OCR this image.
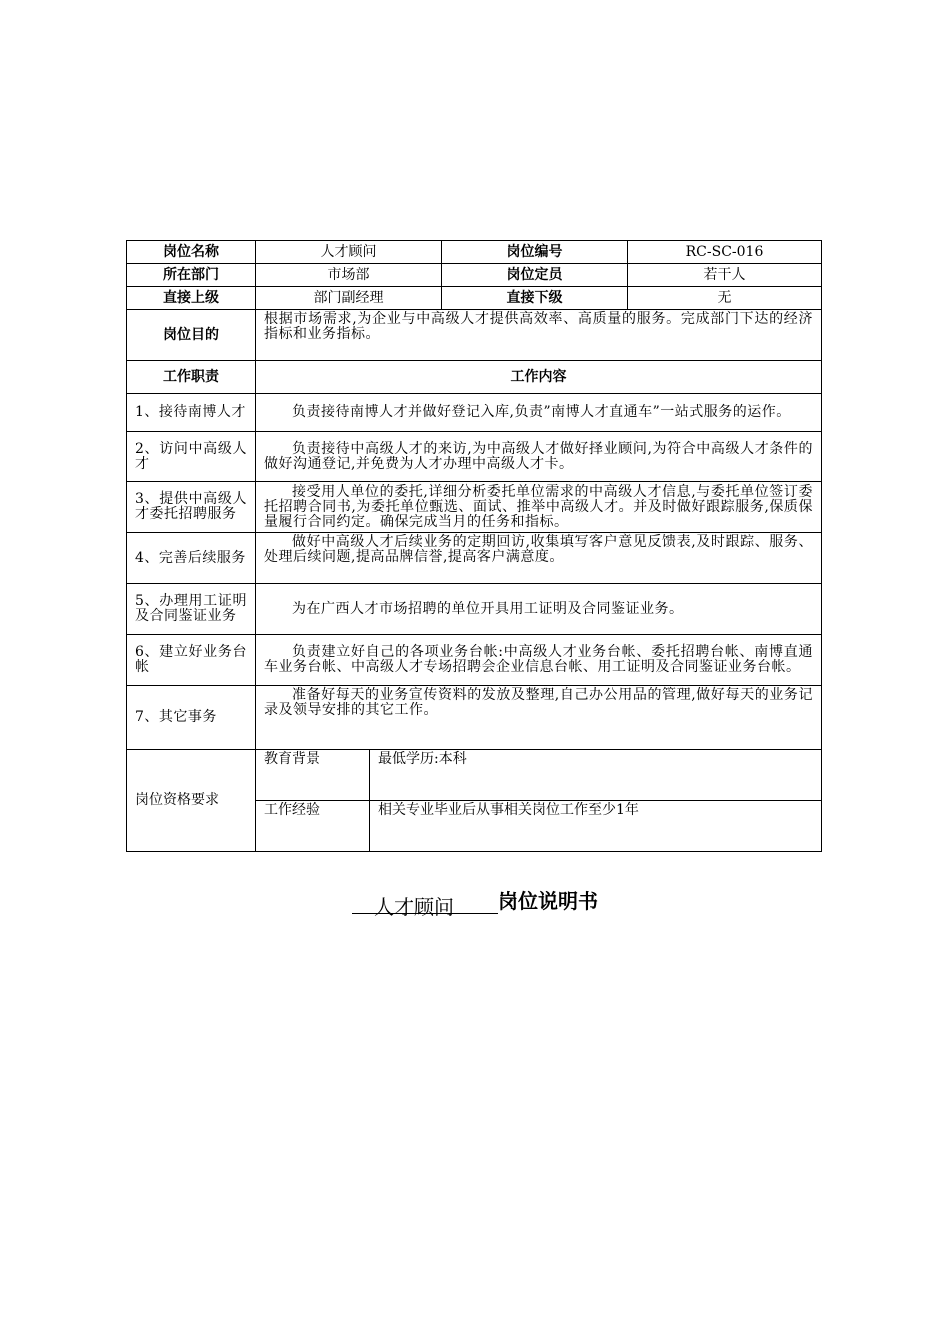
岗位名称	人才顾问		岗位编号	RC-SC-016
所在部门	市场部		岗位定员	若干人
直接上级	部门副经理		直接下级	无
岗位目的	根据市场需求,为企业与中高级人才提供高效率、高质量的服务。完成部门下达的经济指标和业务指标。			
工作职责	工作内容			
1、接待南博人才	负责接待南博人才并做好登记入库,负责”南博人才直通车”一站式服务的运作。			
2、访问中高级人才	负责接待中高级人才的来访,为中高级人才做好择业顾问,为符合中高级人才条件的做好沟通登记,并免费为人才办理中高级人才卡。			
3、提供中高级人才委托招聘服务	接受用人单位的委托,详细分析委托单位需求的中高级人才信息,与委托单位签订委托招聘合同书,为委托单位甄选、面试、推举中高级人才。并及时做好跟踪服务,保质保量履行合同约定。确保完成当月的任务和指标。			
4、完善后续服务	做好中高级人才后续业务的定期回访,收集填写客户意见反馈表,及时跟踪、服务、处理后续问题,提高品牌信誉,提高客户满意度。			
5、办理用工证明及合同鉴证业务	为在广西人才市场招聘的单位开具用工证明及合同鉴证业务。			
6、建立好业务台帐	负责建立好自己的各项业务台帐:中高级人才业务台帐、委托招聘台帐、南博直通车业务台帐、中高级人才专场招聘会企业信息台帐、用工证明及合同鉴证业务台帐。			
7、其它事务	准备好每天的业务宣传资料的发放及整理,自己办公用品的管理,做好每天的业务记录及领导安排的其它工作。			
岗位资格要求	教育背景	最低学历:本科		
	工作经验	相关专业毕业后从事相关岗位工作至少1年		
人才顾问 岗位说明书
